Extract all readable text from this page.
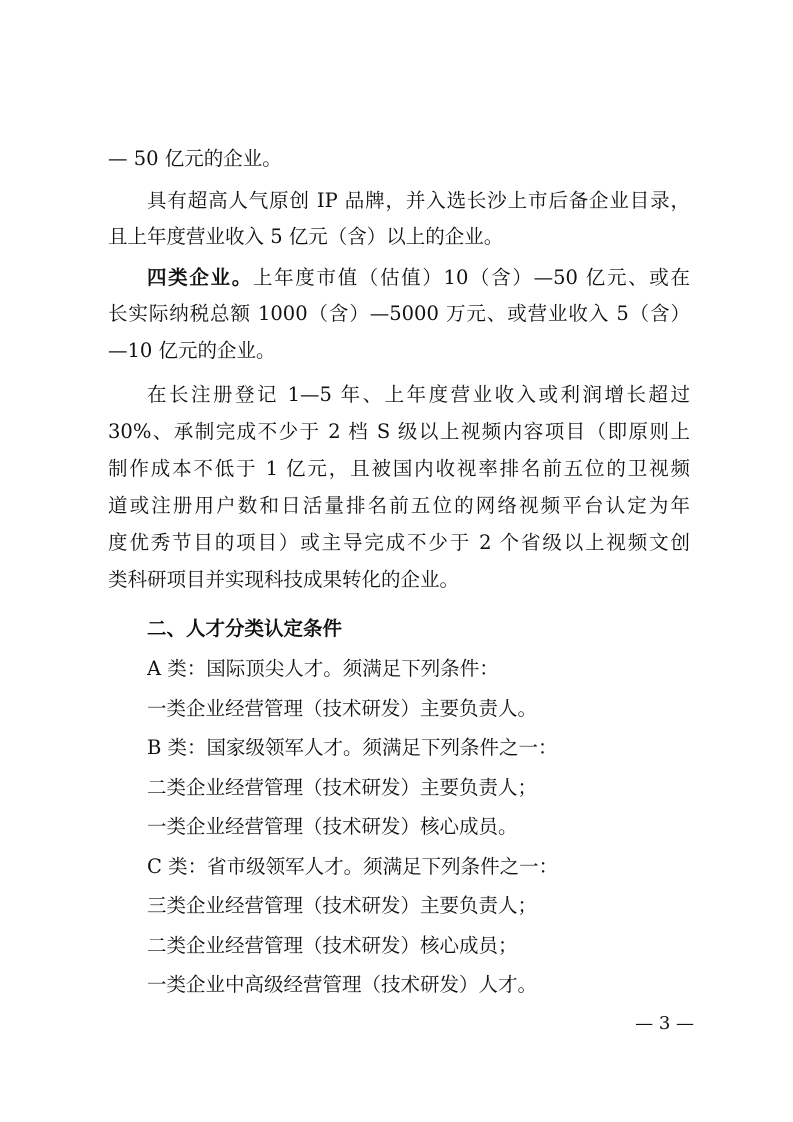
— 50 亿元的企业。
具有超高人气原创 IP 品牌，并入选长沙上市后备企业目录，
且上年度营业收入 5 亿元（含）以上的企业。
四类企业。上年度市值（估值）10（含）—50 亿元、或在
长实际纳税总额 1000（含）—5000 万元、或营业收入 5（含）
—10 亿元的企业。
在长注册登记 1—5 年、上年度营业收入或利润增长超过
30%、承制完成不少于 2 档 S 级以上视频内容项目（即原则上
制作成本不低于 1 亿元，且被国内收视率排名前五位的卫视频
道或注册用户数和日活量排名前五位的网络视频平台认定为年
度优秀节目的项目）或主导完成不少于 2 个省级以上视频文创
类科研项目并实现科技成果转化的企业。
二、人才分类认定条件
A 类：国际顶尖人才。须满足下列条件：
一类企业经营管理（技术研发）主要负责人。
B 类：国家级领军人才。须满足下列条件之一：
二类企业经营管理（技术研发）主要负责人；
一类企业经营管理（技术研发）核心成员。
C 类：省市级领军人才。须满足下列条件之一：
三类企业经营管理（技术研发）主要负责人；
二类企业经营管理（技术研发）核心成员；
一类企业中高级经营管理（技术研发）人才。
— 3 —
